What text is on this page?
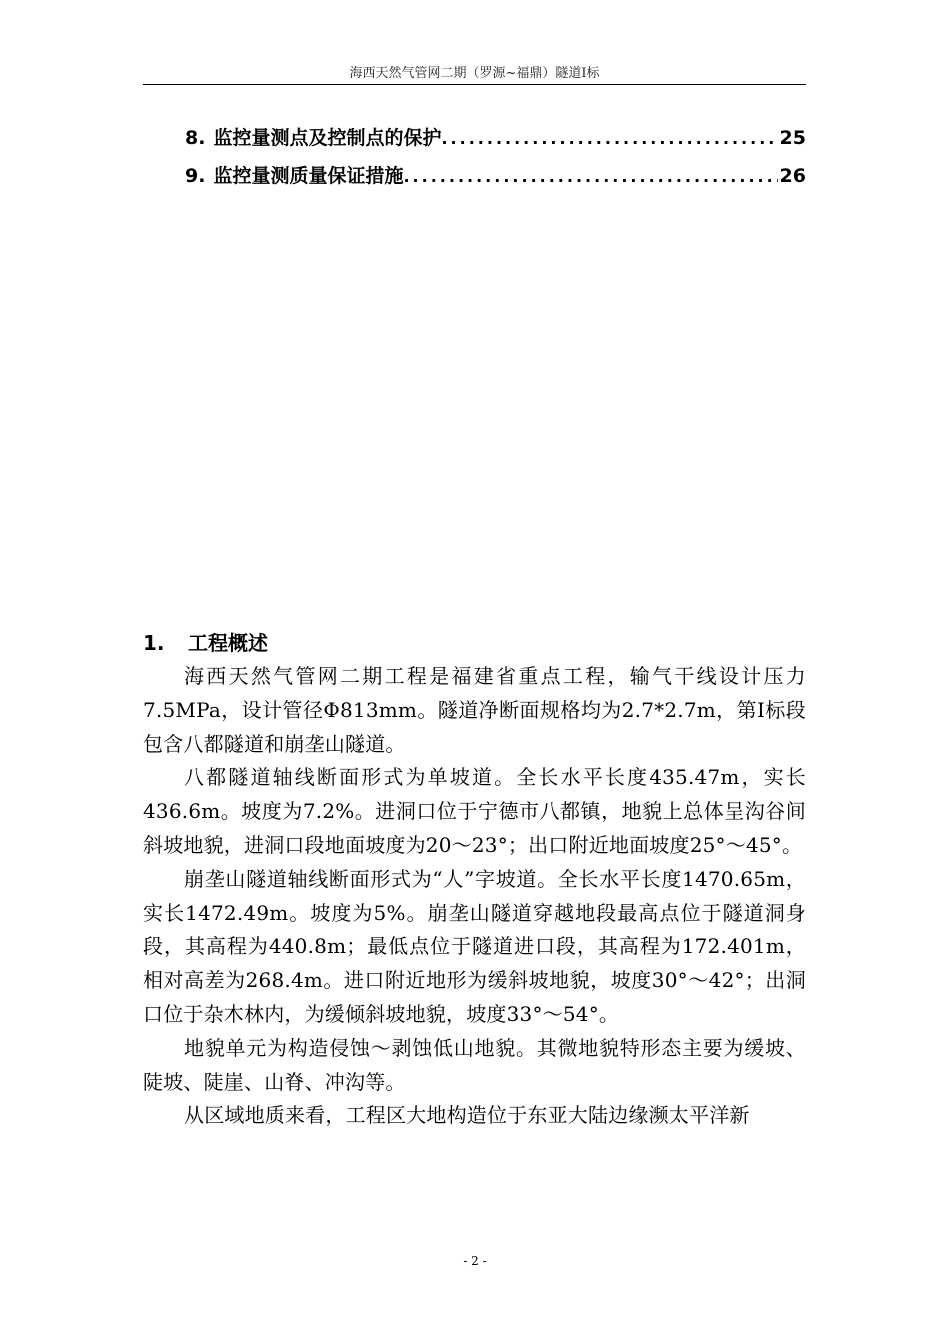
海西天然气管网二期（罗源~福鼎）隧道Ⅰ标
8. 监控量测点及控制点的保护 .....	25
9. 监控量测质量保证措施 .....	26
1. 工程概述

海西天然气管网二期工程是福建省重点工程，输气干线设计压力7.5MPa，设计管径Φ813mm。隧道净断面规格均为2.7*2.7m，第Ⅰ标段包含八都隧道和崩垄山隧道。

八都隧道轴线断面形式为单坡道。全长水平长度435.47m，实长436.6m。坡度为7.2%。进洞口位于宁德市八都镇，地貌上总体呈沟谷间斜坡地貌，进洞口段地面坡度为20～23°；出口附近地面坡度25°～45°。

崩垄山隧道轴线断面形式为“人”字坡道。全长水平长度1470.65m，实长1472.49m。坡度为5%。崩垄山隧道穿越地段最高点位于隧道洞身段，其高程为440.8m；最低点位于隧道进口段，其高程为172.401m，相对高差为268.4m。进口附近地形为缓斜坡地貌，坡度30°～42°；出洞口位于杂木林内，为缓倾斜坡地貌，坡度33°～54°。

地貌单元为构造侵蚀～剥蚀低山地貌。其微地貌特形态主要为缓坡、陡坡、陡崖、山脊、冲沟等。

从区域地质来看，工程区大地构造位于东亚大陆边缘濒太平洋新

- 2 -
